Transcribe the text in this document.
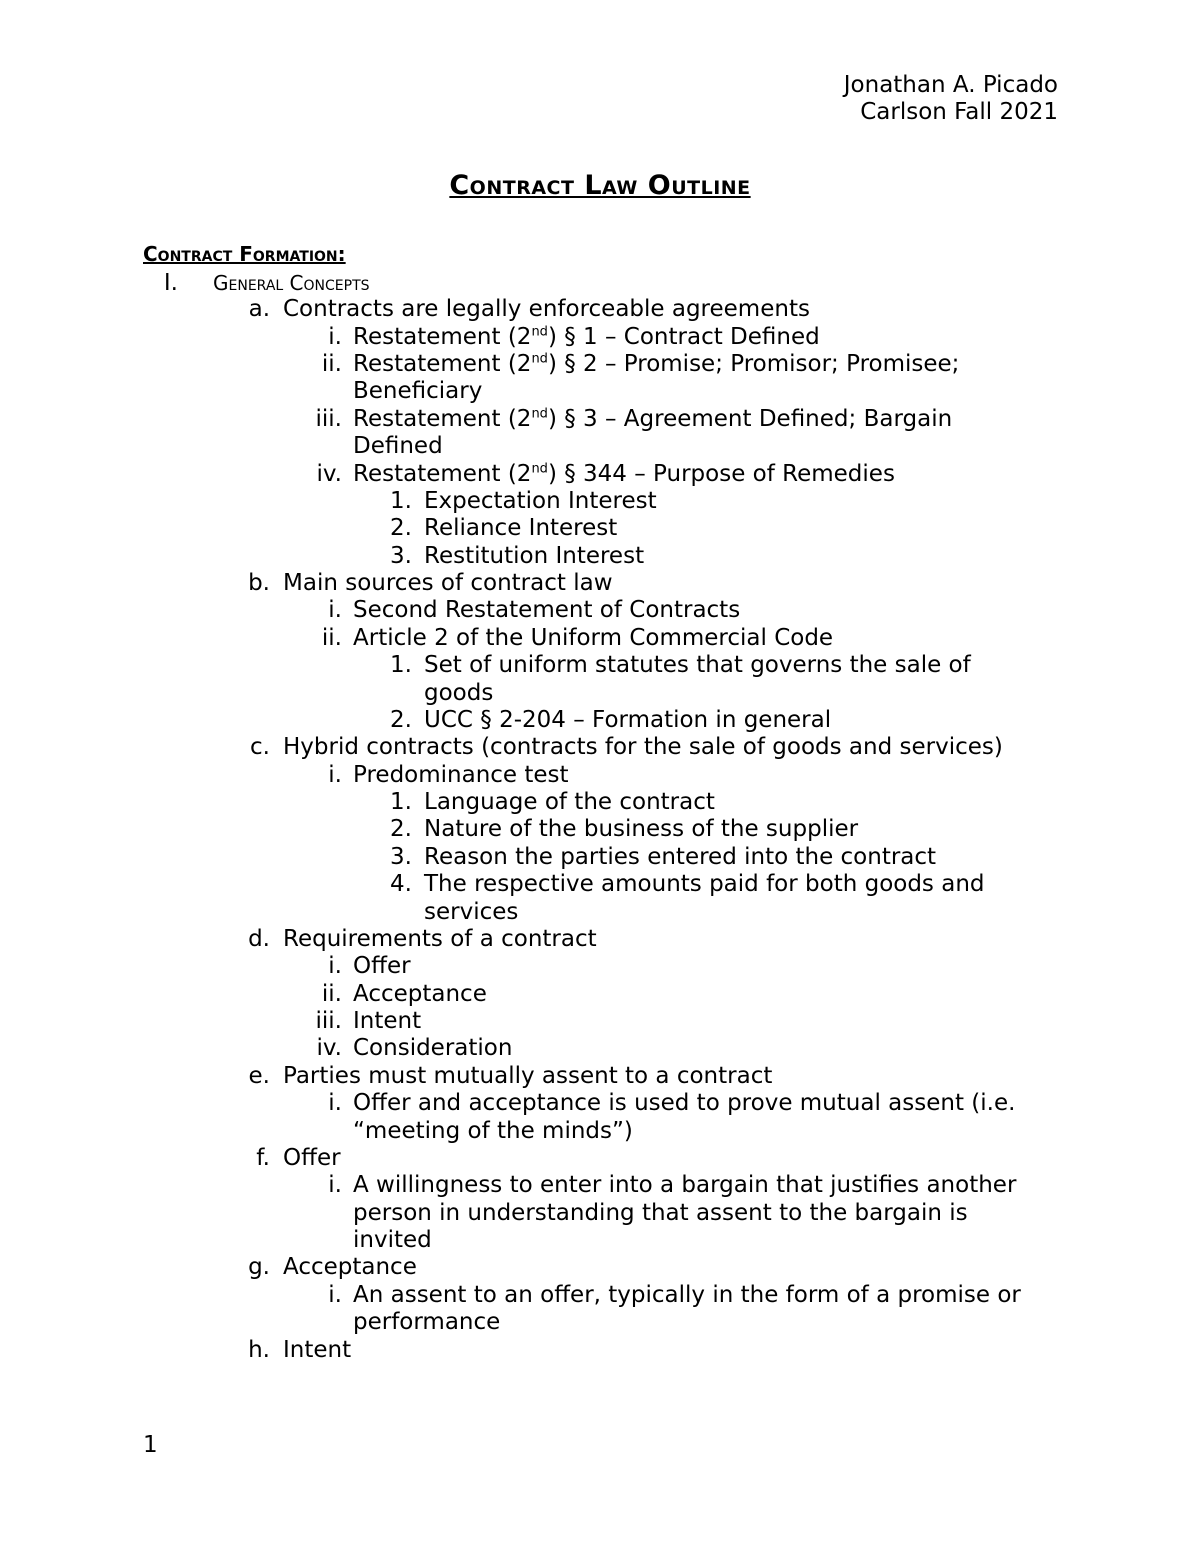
Jonathan A. Picado
Carlson Fall 2021
Contract Law Outline
Contract Formation:
I. General Concepts
a. Contracts are legally enforceable agreements
i. Restatement (2nd) § 1 – Contract Defined
ii. Restatement (2nd) § 2 – Promise; Promisor; Promisee;
Beneficiary
iii. Restatement (2nd) § 3 – Agreement Defined; Bargain
Defined
iv. Restatement (2nd) § 344 – Purpose of Remedies
1. Expectation Interest
2. Reliance Interest
3. Restitution Interest
b. Main sources of contract law
i. Second Restatement of Contracts
ii. Article 2 of the Uniform Commercial Code
1. Set of uniform statutes that governs the sale of
goods
2. UCC § 2-204 – Formation in general
c. Hybrid contracts (contracts for the sale of goods and services)
i. Predominance test
1. Language of the contract
2. Nature of the business of the supplier
3. Reason the parties entered into the contract
4. The respective amounts paid for both goods and
services
d. Requirements of a contract
i. Offer
ii. Acceptance
iii. Intent
iv. Consideration
e. Parties must mutually assent to a contract
i. Offer and acceptance is used to prove mutual assent (i.e.
“meeting of the minds”)
f. Offer
i. A willingness to enter into a bargain that justifies another
person in understanding that assent to the bargain is
invited
g. Acceptance
i. An assent to an offer, typically in the form of a promise or
performance
h. Intent
1
